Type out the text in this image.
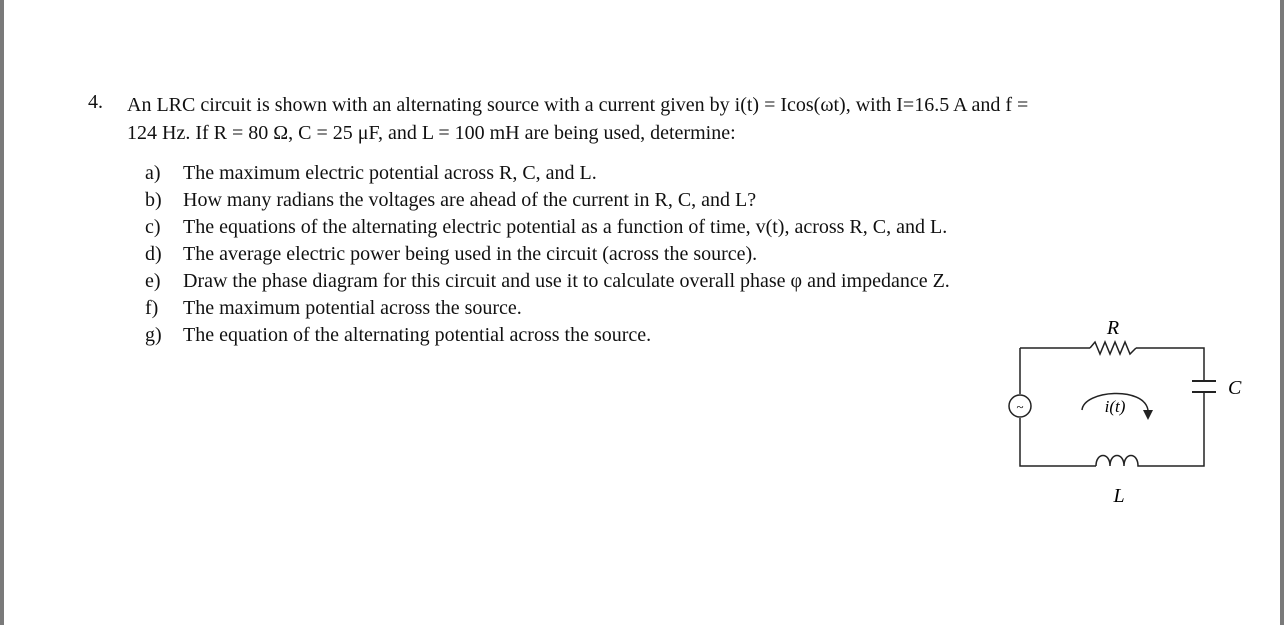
4. An LRC circuit is shown with an alternating source with a current given by i(t) = Icos(ωt), with I=16.5 A and f =
124 Hz. If R = 80 Ω, C = 25 μF, and L = 100 mH are being used, determine:
a)	The maximum electric potential across R, C, and L.
b)	How many radians the voltages are ahead of the current in R, C, and L?
c)	The equations of the alternating electric potential as a function of time, v(t), across R, C, and L.
d)	The average electric power being used in the circuit (across the source).
e)	Draw the phase diagram for this circuit and use it to calculate overall phase φ and impedance Z.
f)	The maximum potential across the source.
g)	The equation of the alternating potential across the source.	R
C
L
i(t)
~
